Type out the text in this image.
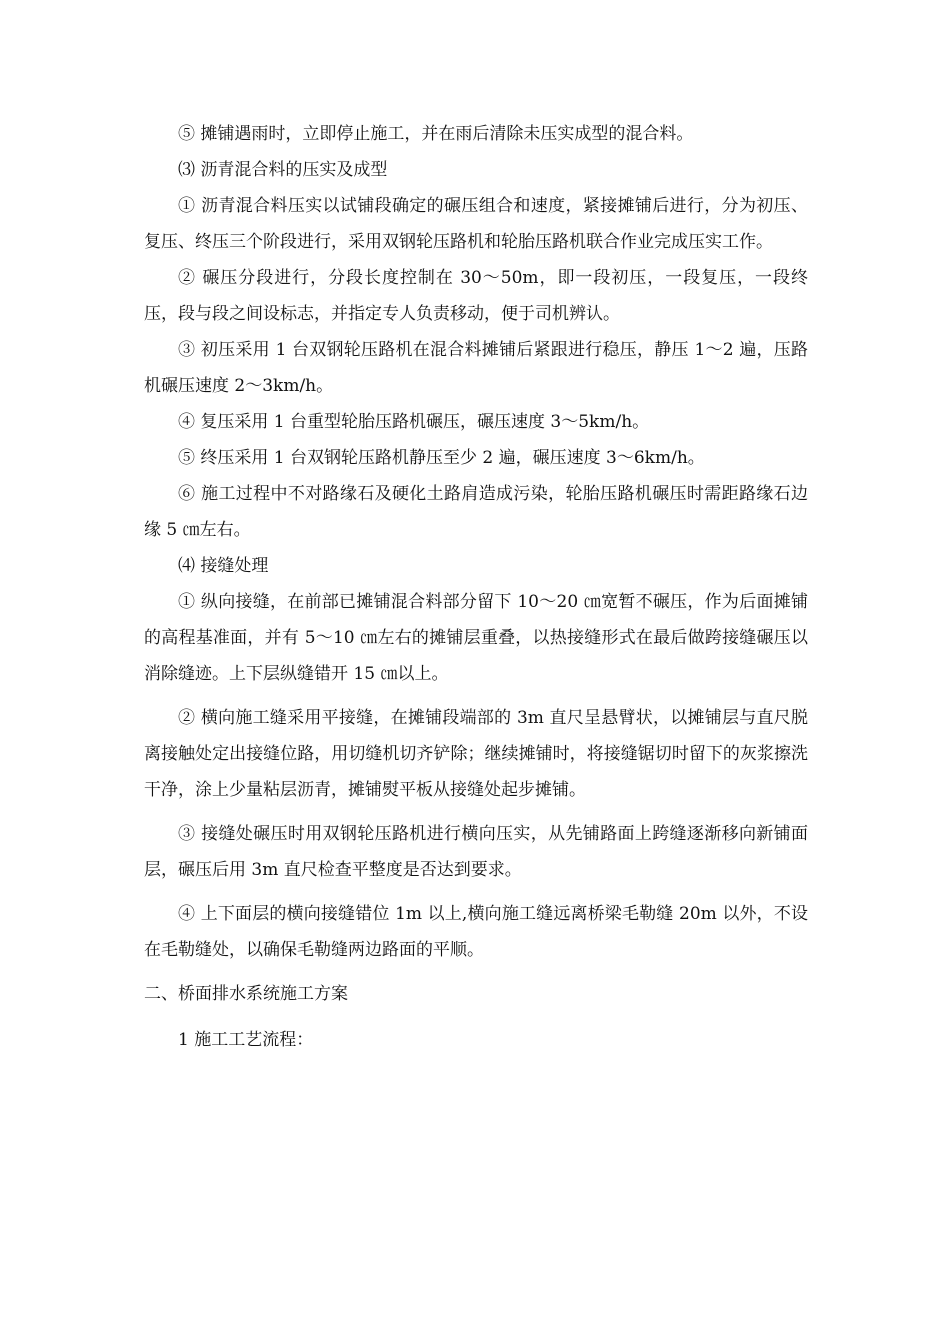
⑤ 摊铺遇雨时，立即停止施工，并在雨后清除未压实成型的混合料。

⑶ 沥青混合料的压实及成型

① 沥青混合料压实以试铺段确定的碾压组合和速度，紧接摊铺后进行，分为初压、复压、终压三个阶段进行，采用双钢轮压路机和轮胎压路机联合作业完成压实工作。

② 碾压分段进行，分段长度控制在 30～50m，即一段初压，一段复压，一段终压，段与段之间设标志，并指定专人负责移动，便于司机辨认。

③ 初压采用 1 台双钢轮压路机在混合料摊铺后紧跟进行稳压，静压 1～2 遍，压路机碾压速度 2～3km/h。

④ 复压采用 1 台重型轮胎压路机碾压，碾压速度 3～5km/h。

⑤ 终压采用 1 台双钢轮压路机静压至少 2 遍，碾压速度 3～6km/h。

⑥ 施工过程中不对路缘石及硬化土路肩造成污染，轮胎压路机碾压时需距路缘石边缘 5 ㎝左右。

⑷ 接缝处理

① 纵向接缝，在前部已摊铺混合料部分留下 10～20 ㎝宽暂不碾压，作为后面摊铺的高程基准面，并有 5～10 ㎝左右的摊铺层重叠，以热接缝形式在最后做跨接缝碾压以消除缝迹。上下层纵缝错开 15 ㎝以上。

② 横向施工缝采用平接缝，在摊铺段端部的 3m 直尺呈悬臂状，以摊铺层与直尺脱离接触处定出接缝位路，用切缝机切齐铲除；继续摊铺时，将接缝锯切时留下的灰浆擦洗干净，涂上少量粘层沥青，摊铺熨平板从接缝处起步摊铺。

③ 接缝处碾压时用双钢轮压路机进行横向压实，从先铺路面上跨缝逐渐移向新铺面层，碾压后用 3m 直尺检查平整度是否达到要求。

④ 上下面层的横向接缝错位 1m 以上,横向施工缝远离桥梁毛勒缝 20m 以外，不设在毛勒缝处，以确保毛勒缝两边路面的平顺。

二、桥面排水系统施工方案

1 施工工艺流程：
